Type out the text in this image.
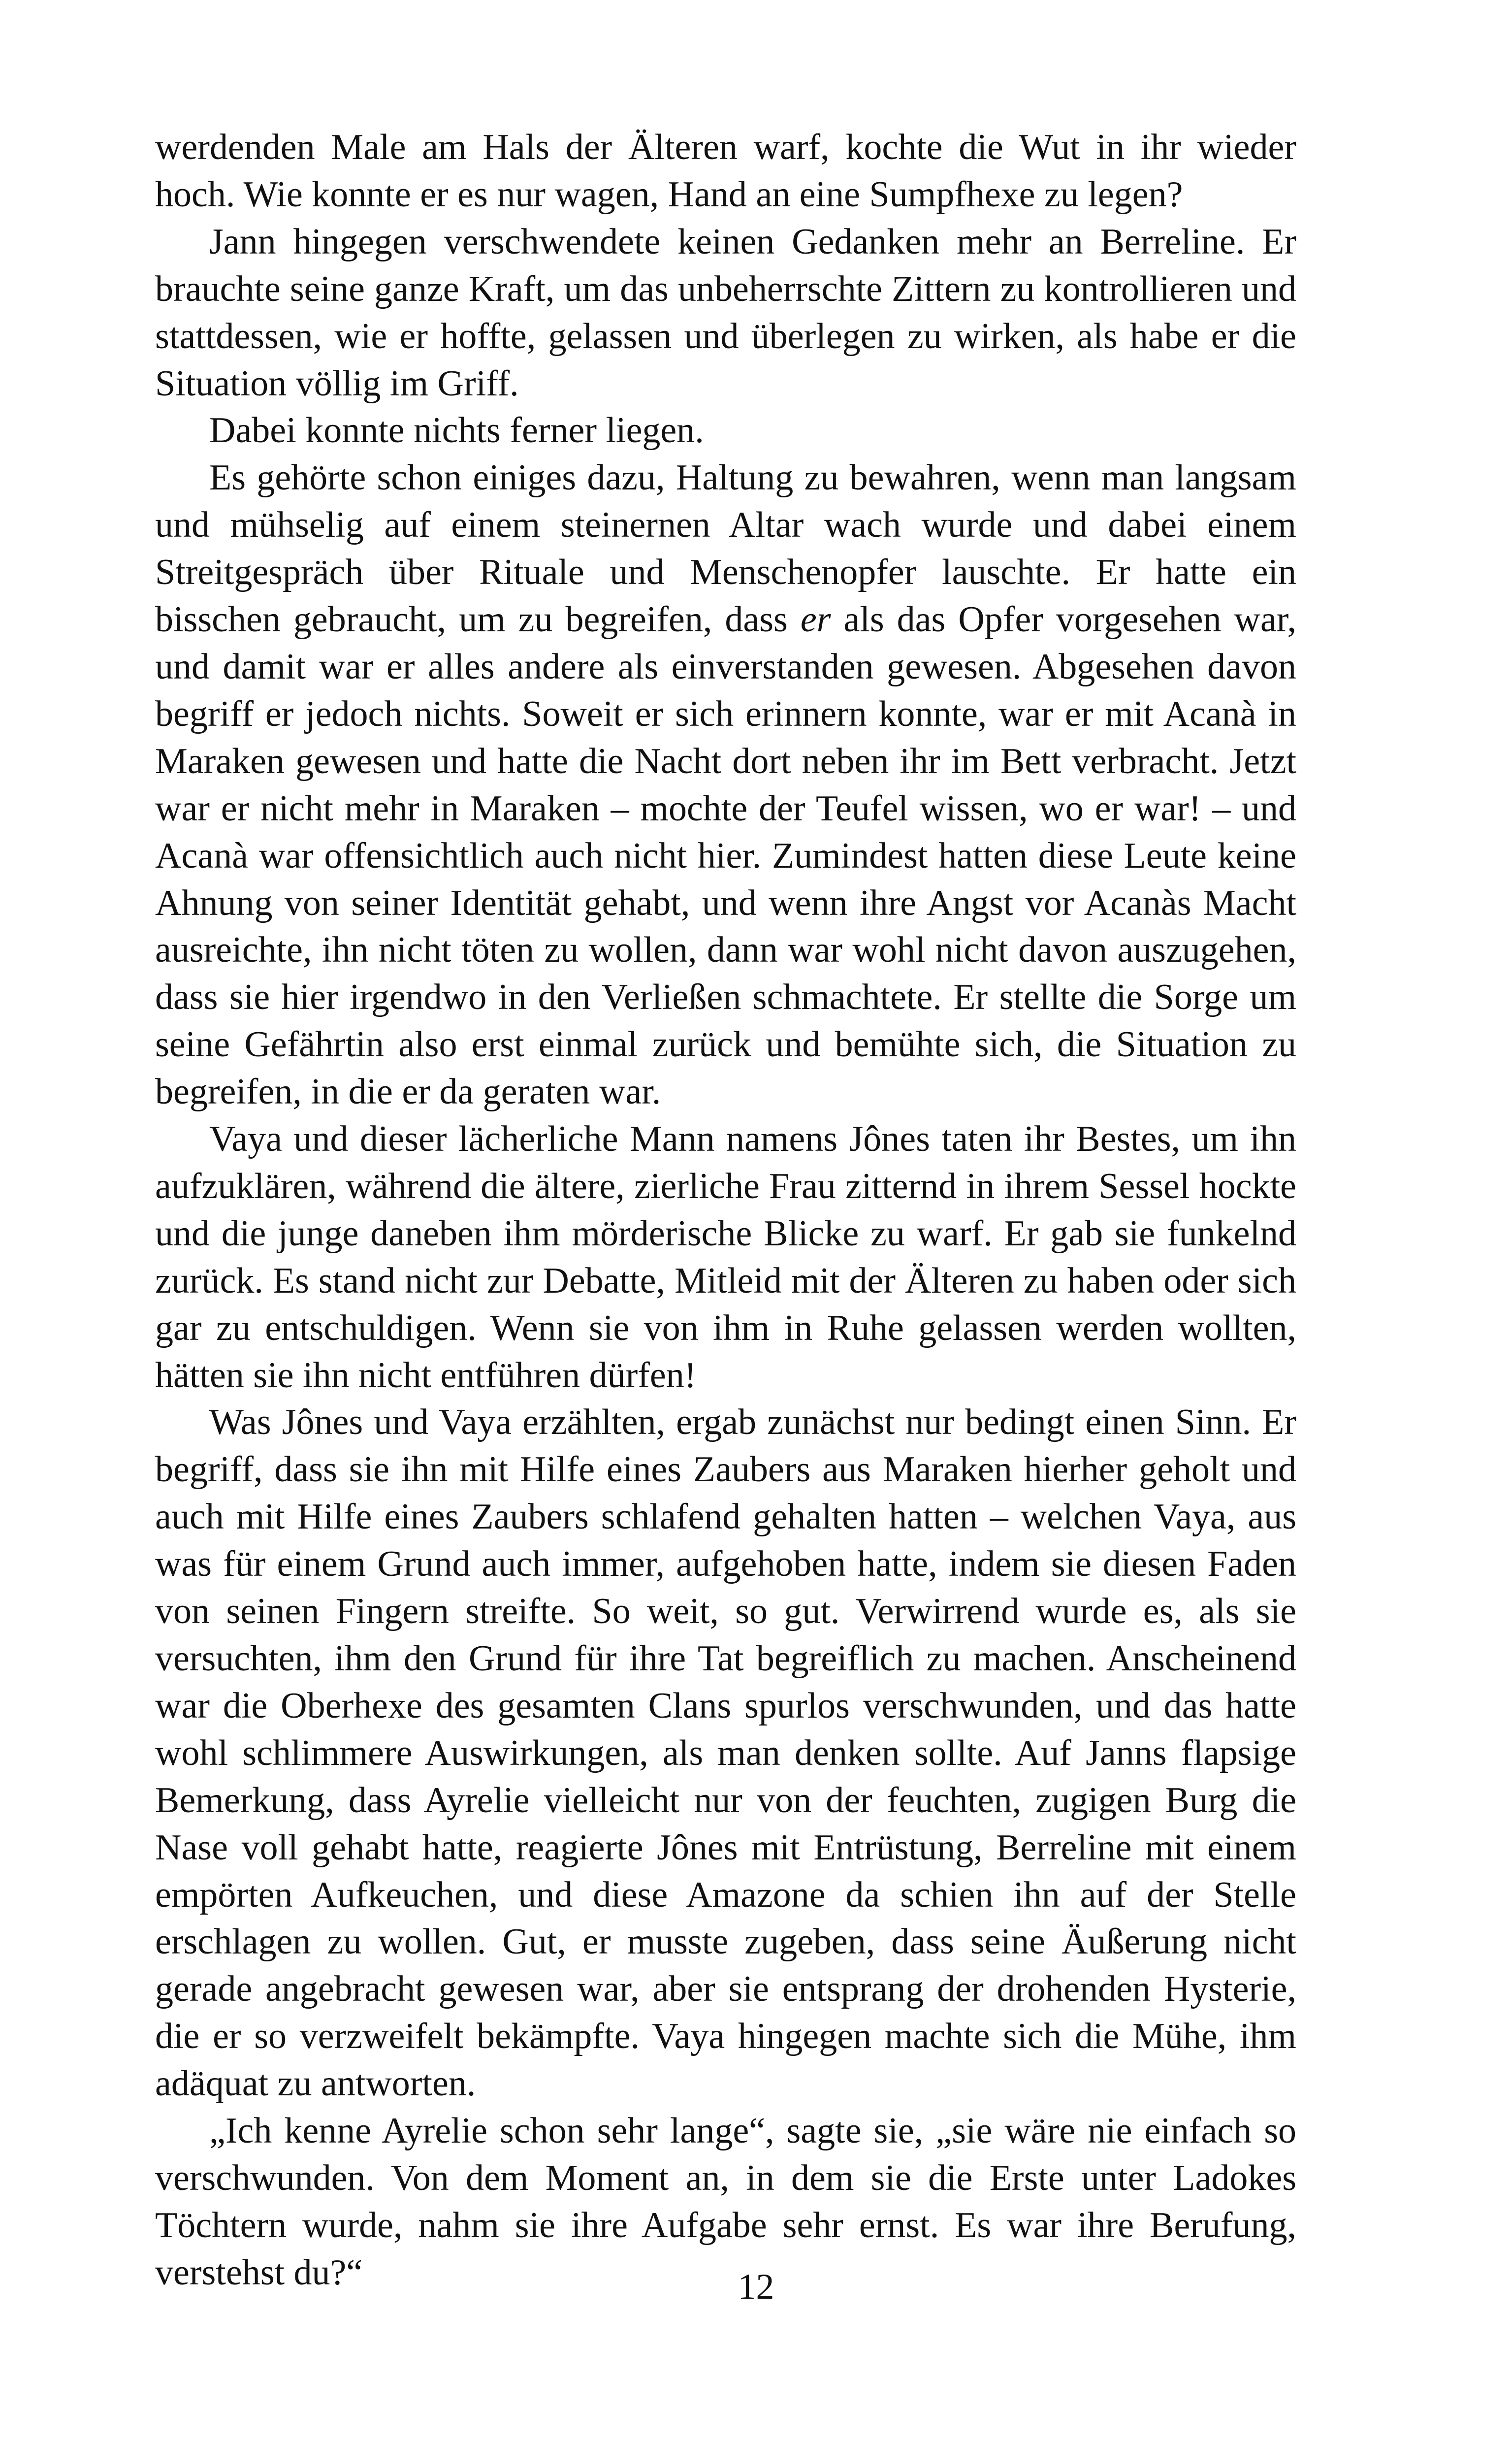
werdenden Male am Hals der Älteren warf, kochte die Wut in ihr wieder hoch. Wie konnte er es nur wagen, Hand an eine Sumpfhexe zu legen?

Jann hingegen verschwendete keinen Gedanken mehr an Berreline. Er brauchte seine ganze Kraft, um das unbeherrschte Zittern zu kontrollieren und stattdessen, wie er hoffte, gelassen und überlegen zu wirken, als habe er die Situation völlig im Griff.

Dabei konnte nichts ferner liegen.

Es gehörte schon einiges dazu, Haltung zu bewahren, wenn man langsam und mühselig auf einem steinernen Altar wach wurde und dabei einem Streitgespräch über Rituale und Menschenopfer lauschte. Er hatte ein bisschen gebraucht, um zu begreifen, dass er als das Opfer vorgesehen war, und damit war er alles andere als einverstanden gewesen. Abgesehen davon begriff er jedoch nichts. Soweit er sich erinnern konnte, war er mit Acanà in Maraken gewesen und hatte die Nacht dort neben ihr im Bett verbracht. Jetzt war er nicht mehr in Maraken – mochte der Teufel wissen, wo er war! – und Acanà war offensichtlich auch nicht hier. Zumindest hatten diese Leute keine Ahnung von seiner Identität gehabt, und wenn ihre Angst vor Acanàs Macht ausreichte, ihn nicht töten zu wollen, dann war wohl nicht davon auszugehen, dass sie hier irgendwo in den Verließen schmachtete. Er stellte die Sorge um seine Gefährtin also erst einmal zurück und bemühte sich, die Situation zu begreifen, in die er da geraten war.

Vaya und dieser lächerliche Mann namens Jônes taten ihr Bestes, um ihn aufzuklären, während die ältere, zierliche Frau zitternd in ihrem Sessel hockte und die junge daneben ihm mörderische Blicke zu warf. Er gab sie funkelnd zurück. Es stand nicht zur Debatte, Mitleid mit der Älteren zu haben oder sich gar zu entschuldigen. Wenn sie von ihm in Ruhe gelassen werden wollten, hätten sie ihn nicht entführen dürfen!

Was Jônes und Vaya erzählten, ergab zunächst nur bedingt einen Sinn. Er begriff, dass sie ihn mit Hilfe eines Zaubers aus Maraken hierher geholt und auch mit Hilfe eines Zaubers schlafend gehalten hatten – welchen Vaya, aus was für einem Grund auch immer, aufgehoben hatte, indem sie diesen Faden von seinen Fingern streifte. So weit, so gut. Verwirrend wurde es, als sie versuchten, ihm den Grund für ihre Tat begreiflich zu machen. Anscheinend war die Oberhexe des gesamten Clans spurlos verschwunden, und das hatte wohl schlimmere Auswirkungen, als man denken sollte. Auf Janns flapsige Bemerkung, dass Ayrelie vielleicht nur von der feuchten, zugigen Burg die Nase voll gehabt hatte, reagierte Jônes mit Entrüstung, Berreline mit einem empörten Aufkeuchen, und diese Amazone da schien ihn auf der Stelle erschlagen zu wollen. Gut, er musste zugeben, dass seine Äußerung nicht gerade angebracht gewesen war, aber sie entsprang der drohenden Hysterie, die er so verzweifelt bekämpfte. Vaya hingegen machte sich die Mühe, ihm adäquat zu antworten.

„Ich kenne Ayrelie schon sehr lange“, sagte sie, „sie wäre nie einfach so verschwunden. Von dem Moment an, in dem sie die Erste unter Ladokes Töchtern wurde, nahm sie ihre Aufgabe sehr ernst. Es war ihre Berufung, verstehst du?“	12
